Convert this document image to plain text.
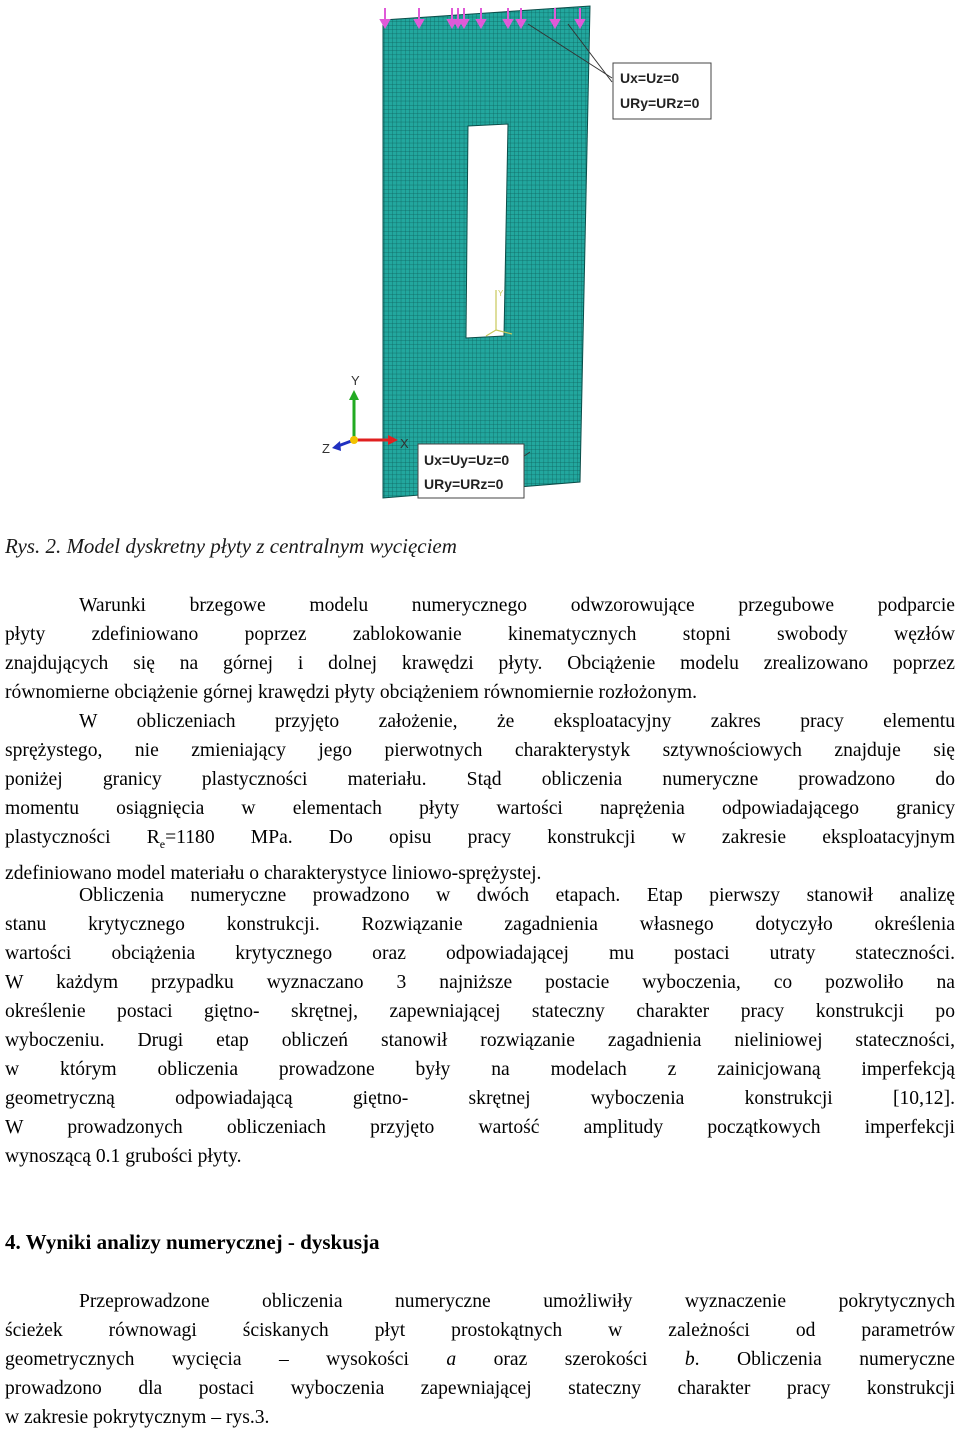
Ux=Uz=0
URy=URz=0
Ux=Uy=Uz=0
URy=URz=0
Y
Y
X
Z
Rys. 2. Model dyskretny płyty z centralnym wycięciem
Warunki brzegowe modelu numerycznego odwzorowujące przegubowe podparcie
płyty zdefiniowano poprzez zablokowanie kinematycznych stopni swobody węzłów
znajdujących się na górnej i dolnej krawędzi płyty. Obciążenie modelu zrealizowano poprzez
równomierne obciążenie górnej krawędzi płyty obciążeniem równomiernie rozłożonym.
W obliczeniach przyjęto założenie, że eksploatacyjny zakres pracy elementu
sprężystego, nie zmieniający jego pierwotnych charakterystyk sztywnościowych znajduje się
poniżej granicy plastyczności materiału. Stąd obliczenia numeryczne prowadzono do
momentu osiągnięcia w elementach płyty wartości naprężenia odpowiadającego granicy
plastyczności $R_e=1180$ MPa. Do opisu pracy konstrukcji w zakresie eksploatacyjnym
zdefiniowano model materiału o charakterystyce liniowo-sprężystej.
Obliczenia numeryczne prowadzono w dwóch etapach. Etap pierwszy stanowił analizę
stanu krytycznego konstrukcji. Rozwiązanie zagadnienia własnego dotyczyło określenia
wartości obciążenia krytycznego oraz odpowiadającej mu postaci utraty stateczności.
W każdym przypadku wyznaczano 3 najniższe postacie wyboczenia, co pozwoliło na
określenie postaci giętno- skrętnej, zapewniającej stateczny charakter pracy konstrukcji po
wyboczeniu. Drugi etap obliczeń stanowił rozwiązanie zagadnienia nieliniowej stateczności,
w którym obliczenia prowadzone były na modelach z zainicjowaną imperfekcją
geometryczną odpowiadającą giętno- skrętnej wyboczenia konstrukcji [10,12].
W prowadzonych obliczeniach przyjęto wartość amplitudy początkowych imperfekcji
wynoszącą 0.1 grubości płyty.
4. Wyniki analizy numerycznej - dyskusja
Przeprowadzone obliczenia numeryczne umożliwiły wyznaczenie pokrytycznych
ścieżek równowagi ściskanych płyt prostokątnych w zależności od parametrów
geometrycznych wycięcia – wysokości a oraz szerokości b. Obliczenia numeryczne
prowadzono dla postaci wyboczenia zapewniającej stateczny charakter pracy konstrukcji
w zakresie pokrytycznym – rys.3.
